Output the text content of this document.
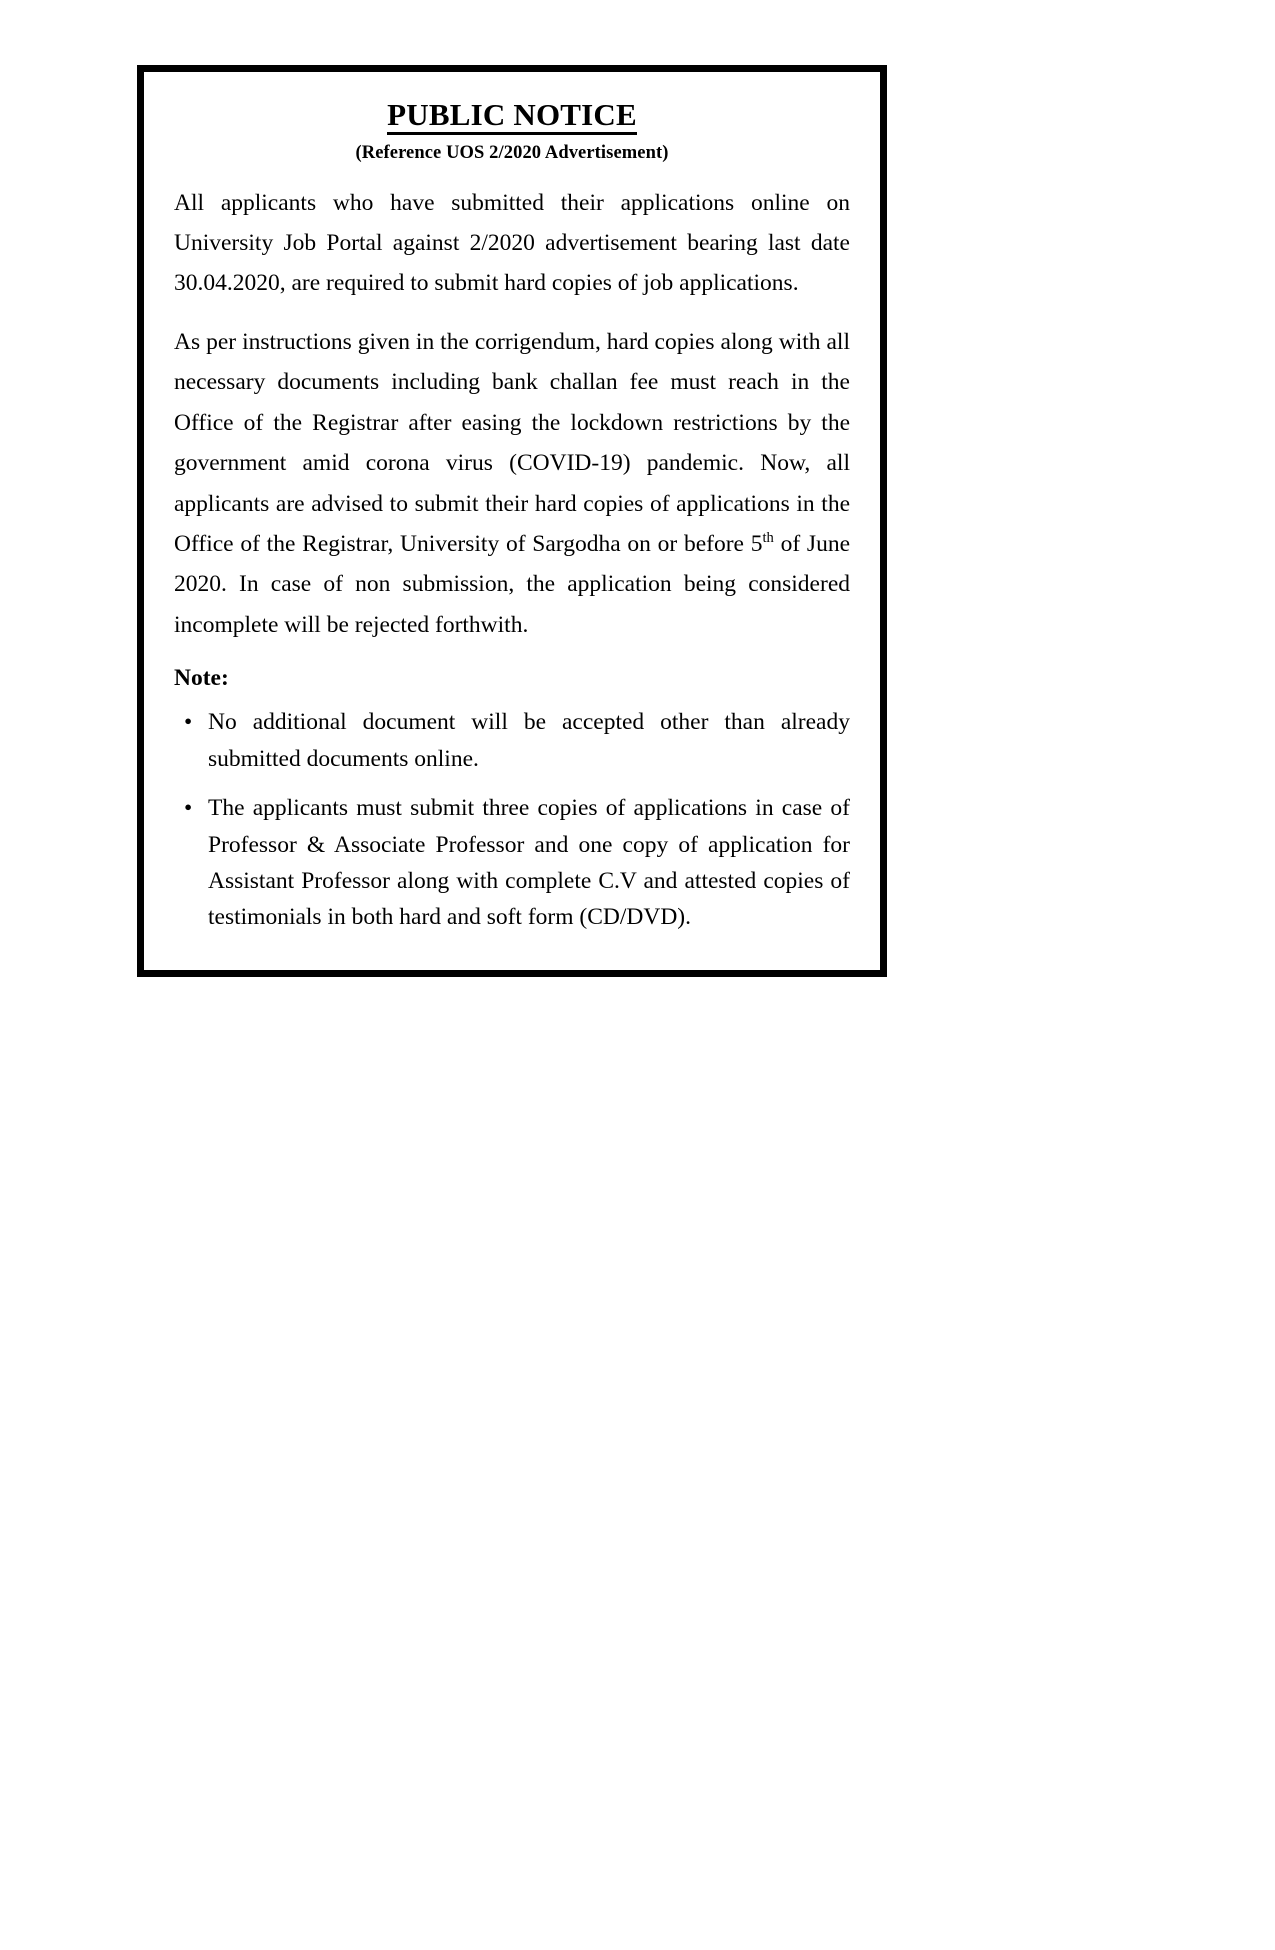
PUBLIC NOTICE
(Reference UOS 2/2020 Advertisement)

All applicants who have submitted their applications online on University Job Portal against 2/2020 advertisement bearing last date 30.04.2020, are required to submit hard copies of job applications.

As per instructions given in the corrigendum, hard copies along with all necessary documents including bank challan fee must reach in the Office of the Registrar after easing the lockdown restrictions by the government amid corona virus (COVID-19) pandemic. Now, all applicants are advised to submit their hard copies of applications in the Office of the Registrar, University of Sargodha on or before 5th of June 2020. In case of non submission, the application being considered incomplete will be rejected forthwith.

Note:
• No additional document will be accepted other than already submitted documents online.
• The applicants must submit three copies of applications in case of Professor & Associate Professor and one copy of application for Assistant Professor along with complete C.V and attested copies of testimonials in both hard and soft form (CD/DVD).
